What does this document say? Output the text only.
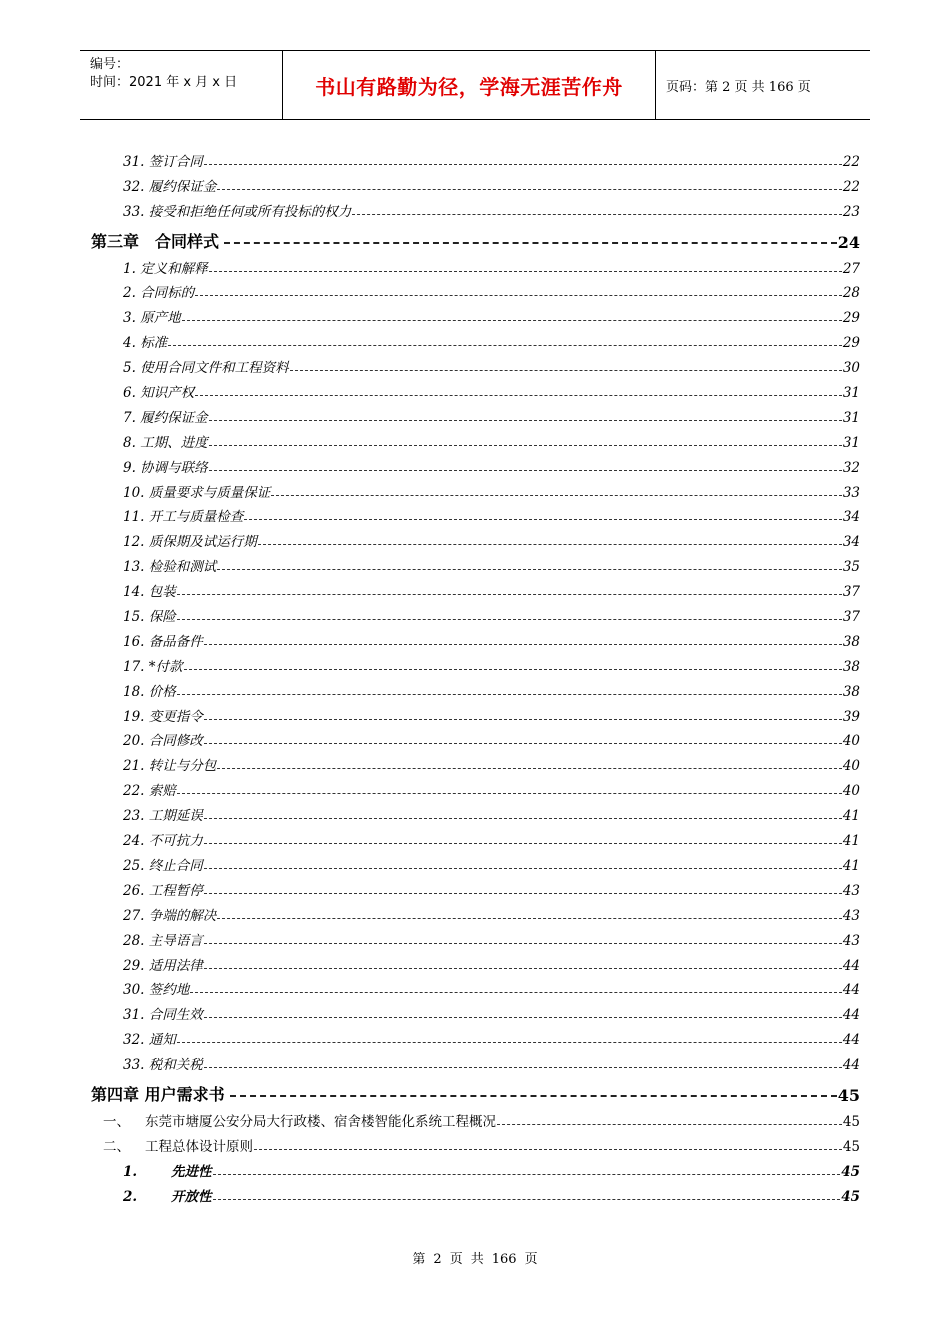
编号：
时间：2021 年 x 月 x 日	书山有路勤为径，学海无涯苦作舟	页码：第 2 页 共 166 页
31. 签订合同	22
32. 履约保证金	22
33. 接受和拒绝任何或所有投标的权力	23
第三章　合同样式	24
1. 定义和解释	27
2. 合同标的	28
3. 原产地	29
4. 标准	29
5. 使用合同文件和工程资料	30
6. 知识产权	31
7. 履约保证金	31
8. 工期、进度	31
9. 协调与联络	32
10. 质量要求与质量保证	33
11. 开工与质量检查	34
12. 质保期及试运行期	34
13. 检验和测试	35
14. 包装	37
15. 保险	37
16. 备品备件	38
17. *付款	38
18. 价格	38
19. 变更指令	39
20. 合同修改	40
21. 转让与分包	40
22. 索赔	40
23. 工期延误	41
24. 不可抗力	41
25. 终止合同	41
26. 工程暂停	43
27. 争端的解决	43
28. 主导语言	43
29. 适用法律	44
30. 签约地	44
31. 合同生效	44
32. 通知	44
33. 税和关税	44
第四章 用户需求书	45
一、 东莞市塘厦公安分局大行政楼、宿舍楼智能化系统工程概况	45
二、 工程总体设计原则	45
1.	先进性	45
2.	开放性	45
第 2 页 共 166 页
